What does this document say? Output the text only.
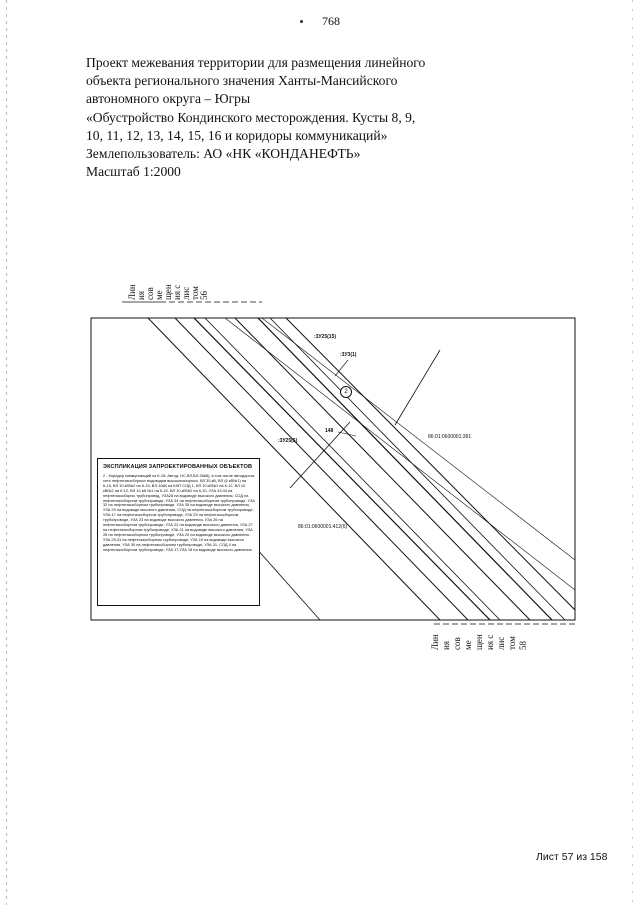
768
Проект межевания территории для размещения линейного
объекта регионального значения Ханты-Мансийского
автономного округа – Югры
«Обустройство Кондинского месторождения. Кусты 8, 9,
10, 11, 12, 13, 14, 15, 16 и коридоры коммуникаций»
Землепользователь: АО «НК «КОНДАНЕФТЬ»
Масштаб 1:2000
:3У25(15)
:3У3(1)
:3У25(5)
86:01:0600001:391
86:01:0600001:412(6)
148
2
Лин ия сов ме щен ия с лис том 56
Лин ия сов ме щен ия с лис том 58
ЭКСПЛИКАЦИЯ ЗАПРОЕКТИРОВАННЫХ ОБЪЕКТОВ
2 - Коридор коммуникаций из К-15: Автод. НС,ВЛ,ВЛ-35кВ), в том числе автодорога, сеть нефтегазосборных водоводов высоконапорных, ВЛ 35 кВ, ВЛ (6 кВ№1) на К-15, ВЛ 10 кВ№2 на К-15, ВЛ-10кВ на КНП СОД 1, ВЛ 10 кВ№1 на К-12, ВЛ 10 кВ№2 на К-12, ВЛ 10 кВ №1 на К-10, ВЛ 10 кВ№2 на К-10, УЗА 43.44 на нефтегазосборны трубопровод, УЗА28 на водоводе высокого давления, СОД на нефтегазосборном трубопроводе, УЗА 34 на нефтегазосборном трубопроводе, УЗА 32 на нефтегазосборном трубопроводе, УЗА 35 на водоводе высокого давления, УЗА 29 на водоводе высокого давления, СОД на нефтегазосборном трубопроводе, УЗА 47 на нефтегазосборном трубопроводе, УЗА 25 на нефтегазосборном трубопроводе, УЗА 23 на водоводе высокого давления, УЗА 26 на нефтегазосборном трубопроводе, УЗА 22 на водоводе высокого давления, УЗА 27 на нефтегазосборном трубопроводе, УЗА 21 на водоводе высокого давления, УЗА 28 на нефтегазосборном трубопроводе, УЗА 20 на водоводе высокого давления, УЗА 29,31 на нефтегазосборном трубопроводе, УЗА 19 на водоводе высокого давления, УЗА 30 на нефтегазосборном трубопроводе, УЗА 31, СОД 4 на нефтегазосборном трубопроводе, УЗА 17,УЗА 18 на водоводе высокого давления
Лист 57 из 158
